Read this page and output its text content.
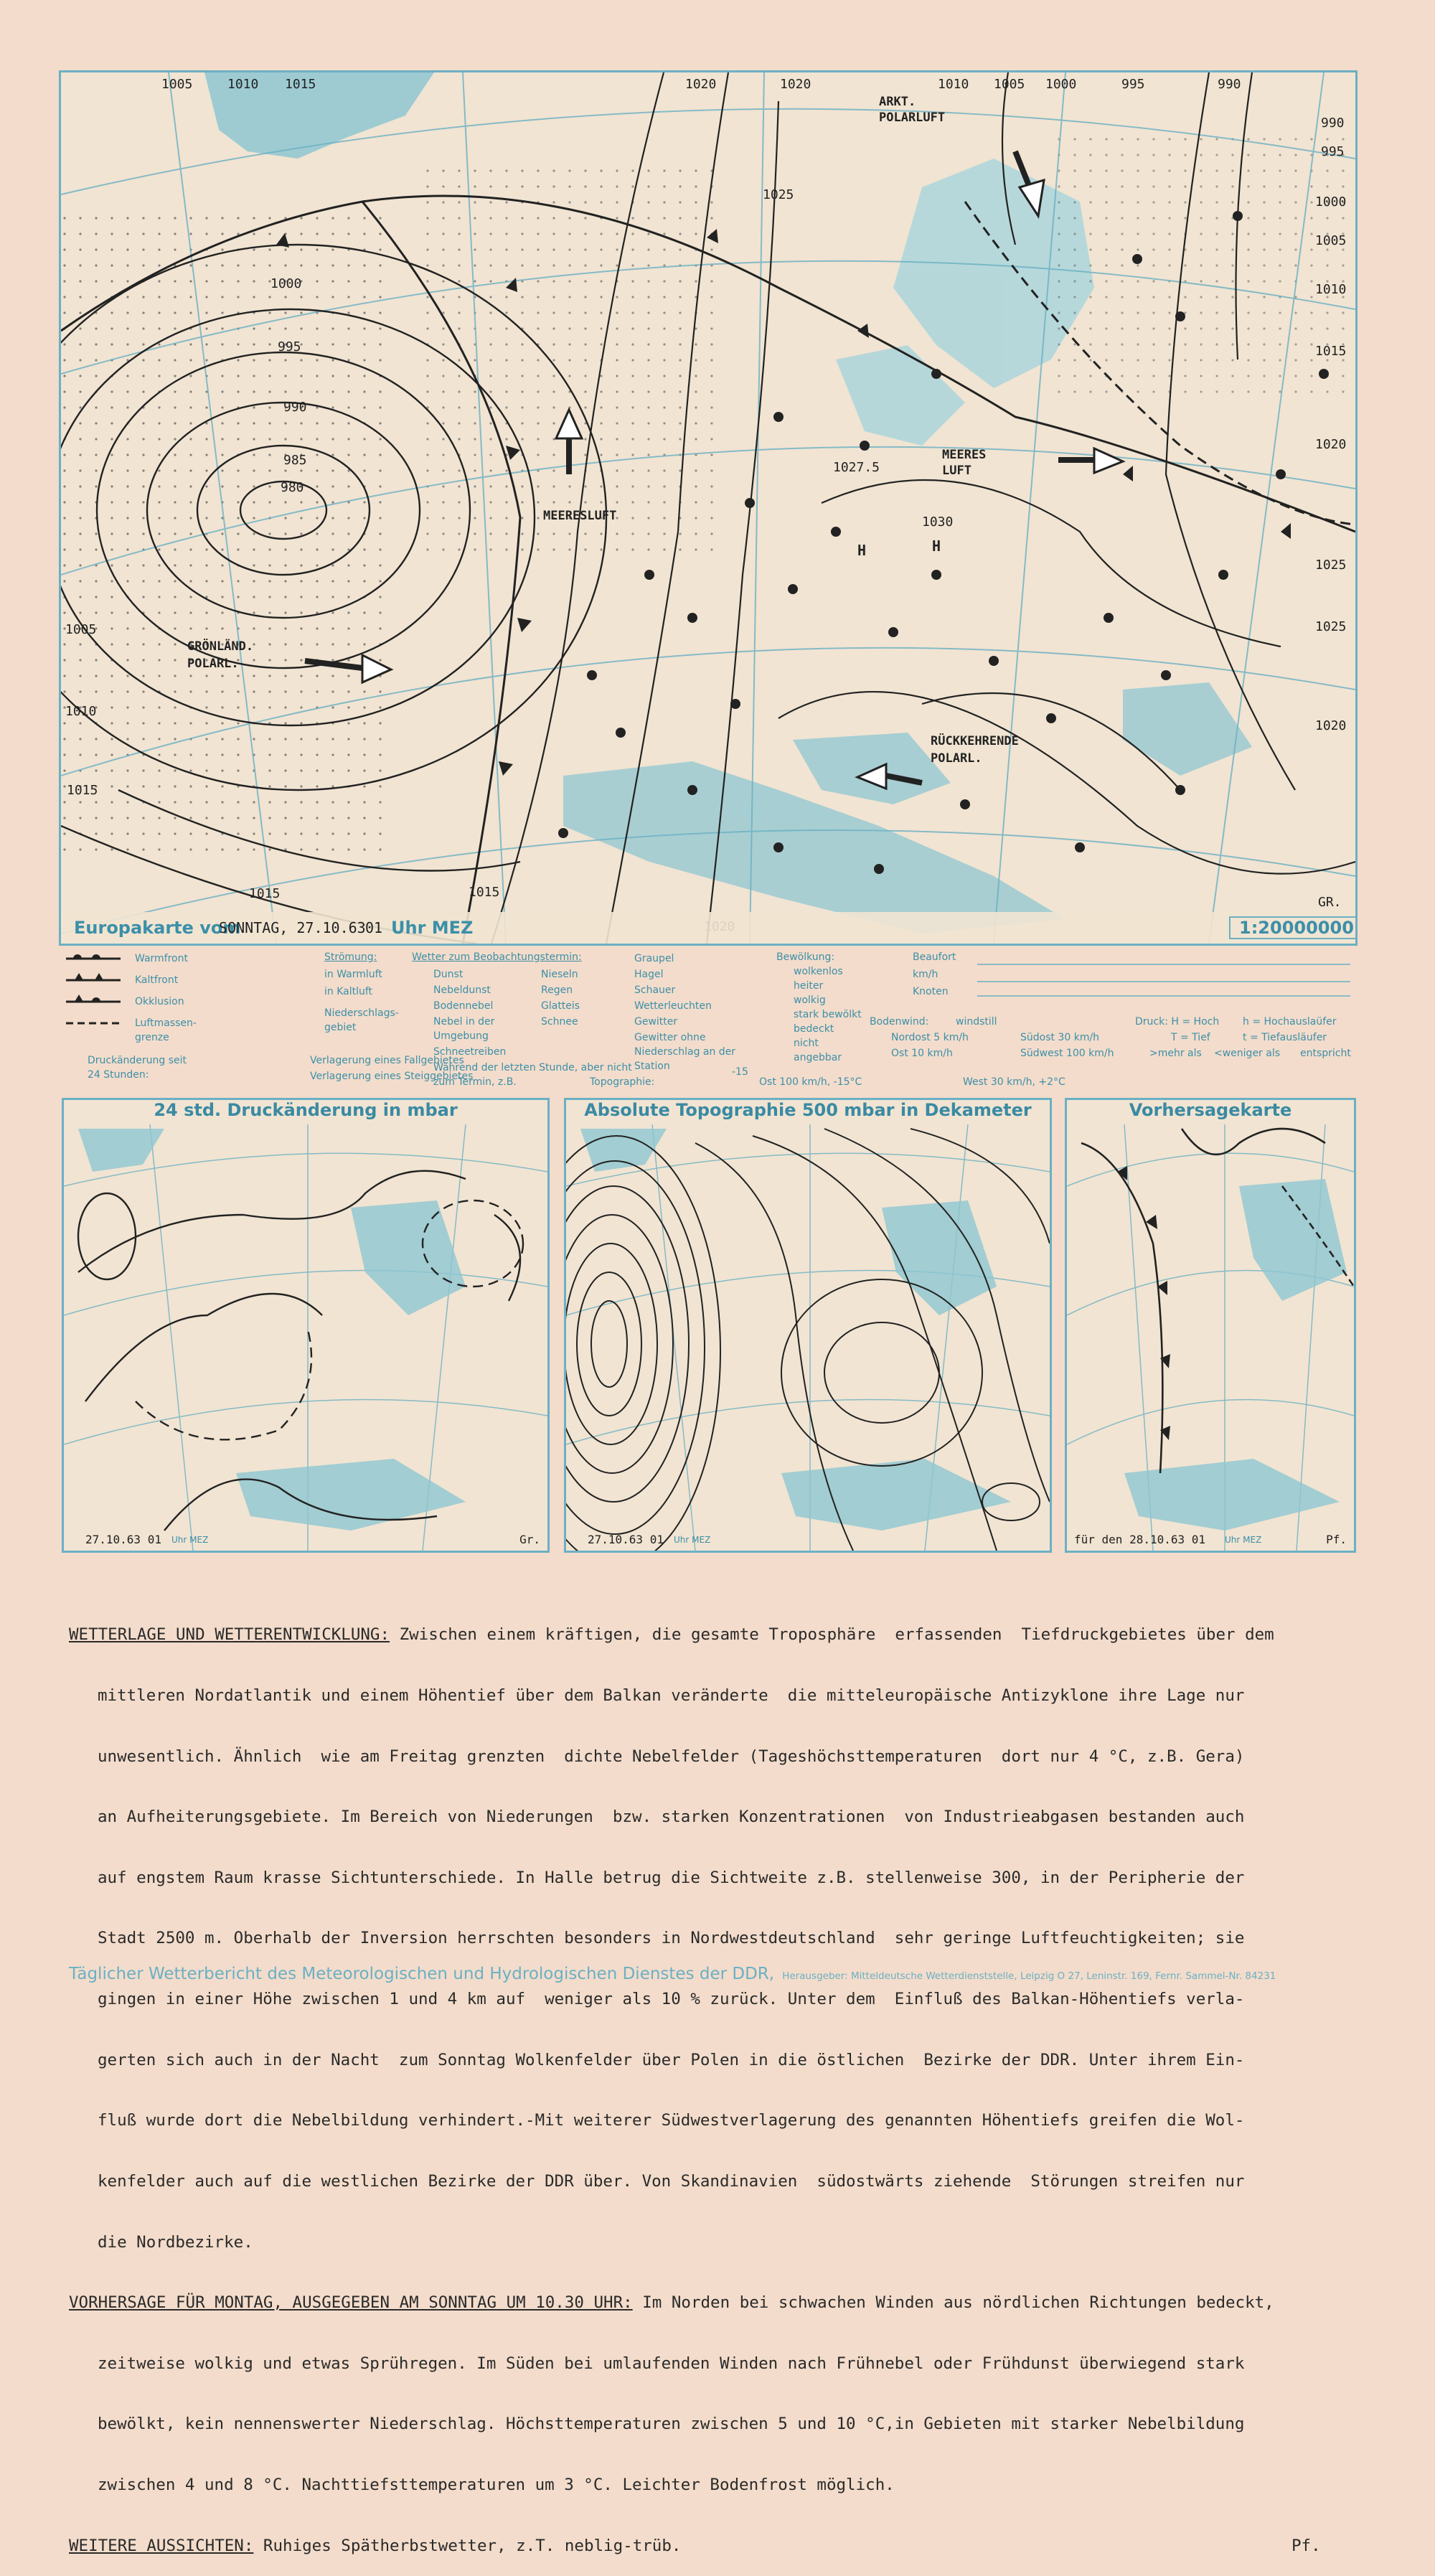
1005	1010 1015	1020	1020
1025
1010 1005 1000	995	990
990
995
1000
1005
1010
1015
1020
1025
1025
1020
1000
995
990
985
980
1005
1010
1015
1015	1015
H
1027.5
H
1030
ARKT. POLARLUFT
MEERESLUFT
MEERES LUFT
GRÖNLÄND. POLARL.
RÜCKKEHRENDE POLARL.
Europakarte vom
SONNTAG, 27.10.63 01 Uhr MEZ
GR.
1:20000000
Warmfront
Kaltfront
Okklusion
Luftmassen-grenze
Strömung:
in Warmluft
in Kaltluft
Niederschlags-gebiet
Wetter zum Beobachtungstermin:
Dunst
Nebeldunst
Bodennebel
Nebel in der Umgebung
Schneetreiben
Während der letzten Stunde, aber nicht zum Termin, z.B.
Nieseln
Regen
Glatteis
Schnee
Graupel
Hagel
Schauer
Wetterleuchten
Gewitter
Gewitter ohne Niederschlag an der Station
Bewölkung:
wolkenlos
heiter
wolkig
stark bewölkt
bedeckt
nicht angebbar
Beaufort
km/h
Knoten
Bodenwind:	windstill
Nordost 5 km/h	Südost 30 km/h
Ost 10 km/h	Südwest 100 km/h
Druck: H = Hoch h = Hochauslaüfer
T = Tief	t = Tiefausläufer
>mehr als <weniger als entspricht
Druckänderung seit 24 Stunden:
Verlagerung eines Fallgebietes
Verlagerung eines Steiggebietes	Topographie:
-15
Ost 100 km/h, -15°C	West 30 km/h, +2°C
24 std. Druckänderung in mbar
27.10.63 01 Uhr MEZ	Gr.
Absolute Topographie 500 mbar in Dekameter
27.10.63 01 Uhr MEZ
Vorhersagekarte
für den 28.10.63 01 Uhr MEZ	Pf.

WETTERLAGE UND WETTERENTWICKLUNG: Zwischen einem kräftigen, die gesamte Troposphäre  erfassenden  Tiefdruckgebietes über dem

mittleren Nordatlantik und einem Höhentief über dem Balkan veränderte  die mitteleuropäische Antizyklone ihre Lage nur

unwesentlich. Ähnlich  wie am Freitag grenzten  dichte Nebelfelder (Tageshöchsttemperaturen  dort nur 4 °C, z.B. Gera)

an Aufheiterungsgebiete. Im Bereich von Niederungen  bzw. starken Konzentrationen  von Industrieabgasen bestanden auch

auf engstem Raum krasse Sichtunterschiede. In Halle betrug die Sichtweite z.B. stellenweise 300, in der Peripherie der

Stadt 2500 m. Oberhalb der Inversion herrschten besonders in Nordwestdeutschland  sehr geringe Luftfeuchtigkeiten; sie

gingen in einer Höhe zwischen 1 und 4 km auf  weniger als 10 % zurück. Unter dem  Einfluß des Balkan-Höhentiefs verla-

gerten sich auch in der Nacht  zum Sonntag Wolkenfelder über Polen in die östlichen  Bezirke der DDR. Unter ihrem Ein-

fluß wurde dort die Nebelbildung verhindert.-Mit weiterer Südwestverlagerung des genannten Höhentiefs greifen die Wol-

kenfelder auch auf die westlichen Bezirke der DDR über. Von Skandinavien  südostwärts ziehende  Störungen streifen nur

die Nordbezirke.

VORHERSAGE FÜR MONTAG, AUSGEGEBEN AM SONNTAG UM 10.30 UHR: Im Norden bei schwachen Winden aus nördlichen Richtungen bedeckt,

zeitweise wolkig und etwas Sprühregen. Im Süden bei umlaufenden Winden nach Frühnebel oder Frühdunst überwiegend stark

bewölkt, kein nennenswerter Niederschlag. Höchsttemperaturen zwischen 5 und 10 °C,in Gebieten mit starker Nebelbildung

zwischen 4 und 8 °C. Nachttiefsttemperaturen um 3 °C. Leichter Bodenfrost möglich.

WEITERE AUSSICHTEN: Ruhiges Spätherbstwetter, z.T. neblig-trüb.	Pf.

Täglicher Wetterbericht des Meteorologischen und Hydrologischen Dienstes der DDR, Herausgeber: Mitteldeutsche Wetterdienststelle, Leipzig O 27, Leninstr. 169, Fernr. Sammel-Nr. 84231
